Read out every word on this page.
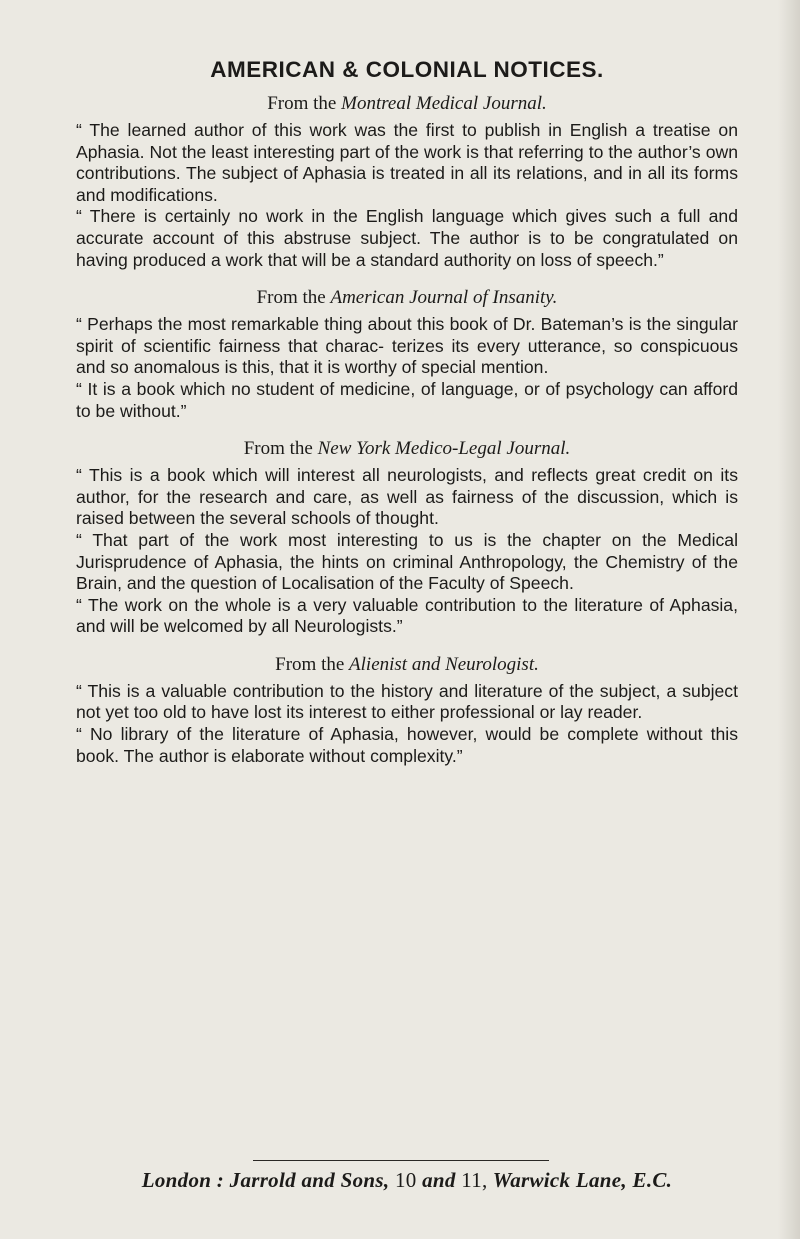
AMERICAN & COLONIAL NOTICES.

From the Montreal Medical Journal.

“ The learned author of this work was the first to publish in English a treatise on Aphasia. Not the least interesting part of the work is that referring to the author’s own contributions. The subject of Aphasia is treated in all its relations, and in all its forms and modifications.

“ There is certainly no work in the English language which gives such a full and accurate account of this abstruse subject. The author is to be congratulated on having produced a work that will be a standard authority on loss of speech.”

From the American Journal of Insanity.

“ Perhaps the most remarkable thing about this book of Dr. Bateman’s is the singular spirit of scientific fairness that charac- terizes its every utterance, so conspicuous and so anomalous is this, that it is worthy of special mention.

“ It is a book which no student of medicine, of language, or of psychology can afford to be without.”

From the New York Medico-Legal Journal.

“ This is a book which will interest all neurologists, and reflects great credit on its author, for the research and care, as well as fairness of the discussion, which is raised between the several schools of thought.

“ That part of the work most interesting to us is the chapter on the Medical Jurisprudence of Aphasia, the hints on criminal Anthropology, the Chemistry of the Brain, and the question of Localisation of the Faculty of Speech.

“ The work on the whole is a very valuable contribution to the literature of Aphasia, and will be welcomed by all Neurologists.”

From the Alienist and Neurologist.

“ This is a valuable contribution to the history and literature of the subject, a subject not yet too old to have lost its interest to either professional or lay reader.

“ No library of the literature of Aphasia, however, would be complete without this book. The author is elaborate without complexity.”

London : Jarrold and Sons, 10 and 11, Warwick Lane, E.C.
